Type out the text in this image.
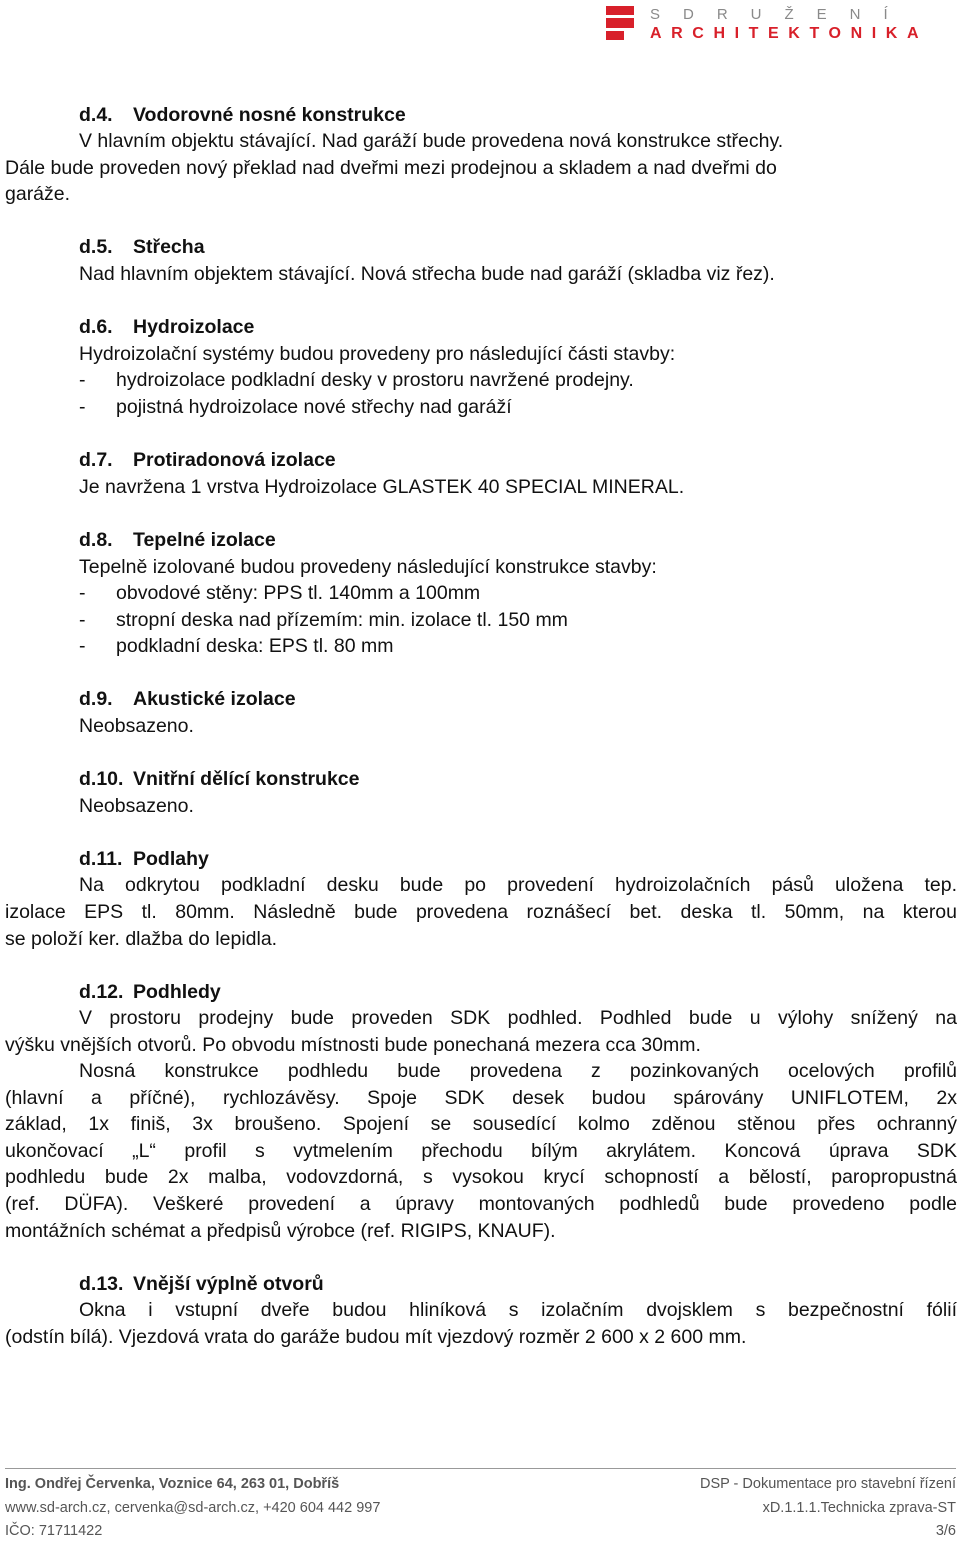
SDRUŽENÍ
ARCHITEKTONIKA
d.4. Vodorovné nosné konstrukce
V hlavním objektu stávající. Nad garáží bude provedena nová konstrukce střechy.
Dále bude proveden nový překlad nad dveřmi mezi prodejnou a skladem a nad dveřmi do
garáže.
d.5. Střecha
Nad hlavním objektem stávající. Nová střecha bude nad garáží (skladba viz řez).
d.6. Hydroizolace
Hydroizolační systémy budou provedeny pro následující části stavby:
- hydroizolace podkladní desky v prostoru navržené prodejny.
- pojistná hydroizolace nové střechy nad garáží
d.7. Protiradonová izolace
Je navržena 1 vrstva Hydroizolace GLASTEK 40 SPECIAL MINERAL.
d.8. Tepelné izolace
Tepelně izolované budou provedeny následující konstrukce stavby:
- obvodové stěny: PPS tl. 140mm a 100mm
- stropní deska nad přízemím: min. izolace tl. 150 mm
- podkladní deska: EPS tl. 80 mm
d.9. Akustické izolace
Neobsazeno.
d.10. Vnitřní dělící konstrukce
Neobsazeno.
d.11. Podlahy
Na odkrytou podkladní desku bude po provedení hydroizolačních pásů uložena tep.
izolace EPS tl. 80mm. Následně bude provedena roznášecí bet. deska tl. 50mm, na kterou
se položí ker. dlažba do lepidla.
d.12. Podhledy
V prostoru prodejny bude proveden SDK podhled. Podhled bude u výlohy snížený na
výšku vnějších otvorů. Po obvodu místnosti bude ponechaná mezera cca 30mm.
Nosná konstrukce podhledu bude provedena z pozinkovaných ocelových profilů
(hlavní a příčné), rychlozávěsy. Spoje SDK desek budou spárovány UNIFLOTEM, 2x
základ, 1x finiš, 3x broušeno. Spojení se sousedící kolmo zděnou stěnou přes ochranný
ukončovací „L“ profil s vytmelením přechodu bílým akrylátem. Koncová úprava SDK
podhledu bude 2x malba, vodovzdorná, s vysokou krycí schopností a bělostí, paropropustná
(ref. DÜFA). Veškeré provedení a úpravy montovaných podhledů bude provedeno podle
montážních schémat a předpisů výrobce (ref. RIGIPS, KNAUF).
d.13. Vnější výplně otvorů
Okna i vstupní dveře budou hliníková s izolačním dvojsklem s bezpečnostní fólií
(odstín bílá). Vjezdová vrata do garáže budou mít vjezdový rozměr 2 600 x 2 600 mm.
Ing. Ondřej Červenka, Voznice 64, 263 01, Dobříš
www.sd-arch.cz, cervenka@sd-arch.cz, +420 604 442 997
IČO: 71711422
DSP - Dokumentace pro stavební řízení
xD.1.1.1.Technicka zprava-ST
3/6
